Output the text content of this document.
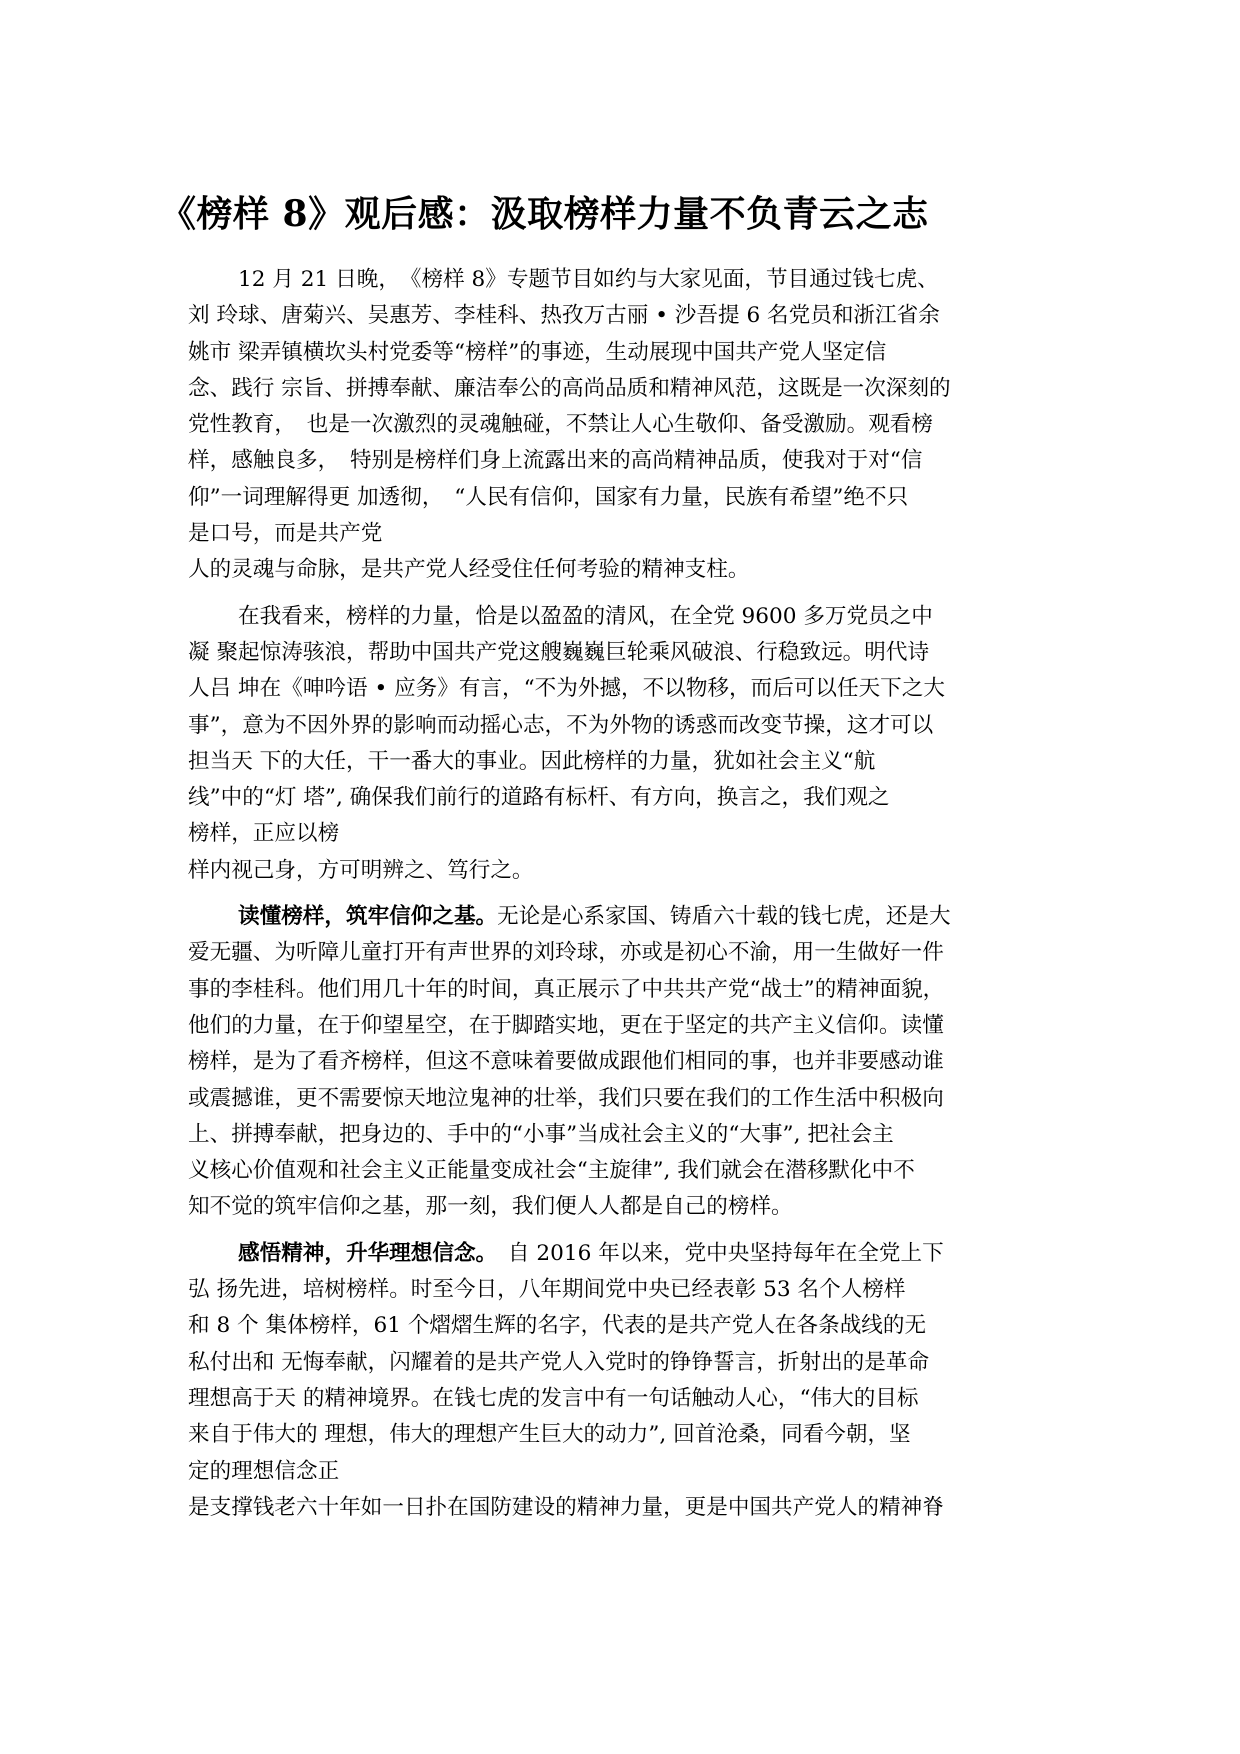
《榜样 8》观后感：汲取榜样力量不负青云之志
12 月 21 日晚，　《榜样 8》专题节目如约与大家见面，节目通过钱七虎、
刘 玲球、唐菊兴、吴惠芳、李桂科、热孜万古丽 • 沙吾提 6 名党员和浙江省余
姚市 梁弄镇横坎头村党委等“榜样”的事迹，生动展现中国共产党人坚定信
念、践行 宗旨、拼搏奉献、廉洁奉公的高尚品质和精神风范，这既是一次深刻的
党性教育，　也是一次激烈的灵魂触碰，不禁让人心生敬仰、备受激励。观看榜
样，感触良多，　特别是榜样们身上流露出来的高尚精神品质，使我对于对“信
仰”一词理解得更 加透彻，　“人民有信仰，国家有力量，民族有希望”绝不只
是口号，而是共产党
人的灵魂与命脉，是共产党人经受住任何考验的精神支柱。
在我看来，榜样的力量，恰是以盈盈的清风，在全党 9600 多万党员之中
凝 聚起惊涛骇浪，帮助中国共产党这艘巍巍巨轮乘风破浪、行稳致远。明代诗
人吕 坤在《呻吟语 • 应务》有言，“不为外撼，不以物移，而后可以任天下之大
事”，意为不因外界的影响而动摇心志，不为外物的诱惑而改变节操，这才可以
担当天 下的大任，干一番大的事业。因此榜样的力量，犹如社会主义“航
线”中的“灯 塔”, 确保我们前行的道路有标杆、有方向，换言之，我们观之
榜样，正应以榜
样内视己身，方可明辨之、笃行之。
读懂榜样，筑牢信仰之基。无论是心系家国、铸盾六十载的钱七虎，还是大
爱无疆、为听障儿童打开有声世界的刘玲球，亦或是初心不渝，用一生做好一件
事的李桂科。他们用几十年的时间，真正展示了中共共产党“战士”的精神面貌，
他们的力量，在于仰望星空，在于脚踏实地，更在于坚定的共产主义信仰。读懂
榜样，是为了看齐榜样，但这不意味着要做成跟他们相同的事，也并非要感动谁
或震撼谁，更不需要惊天地泣鬼神的壮举，我们只要在我们的工作生活中积极向
上、拼搏奉献，把身边的、手中的“小事”当成社会主义的“大事”, 把社会主
义核心价值观和社会主义正能量变成社会“主旋律”, 我们就会在潜移默化中不
知不觉的筑牢信仰之基，那一刻，我们便人人都是自己的榜样。
感悟精神，升华理想信念。　自 2016 年以来，党中央坚持每年在全党上下
弘 扬先进，培树榜样。时至今日，八年期间党中央已经表彰 53 名个人榜样
和 8 个 集体榜样，61 个熠熠生辉的名字，代表的是共产党人在各条战线的无
私付出和 无悔奉献，闪耀着的是共产党人入党时的铮铮誓言，折射出的是革命
理想高于天 的精神境界。在钱七虎的发言中有一句话触动人心，“伟大的目标
来自于伟大的 理想，伟大的理想产生巨大的动力”, 回首沧桑，同看今朝，坚
定的理想信念正
是支撑钱老六十年如一日扑在国防建设的精神力量，更是中国共产党人的精神脊
